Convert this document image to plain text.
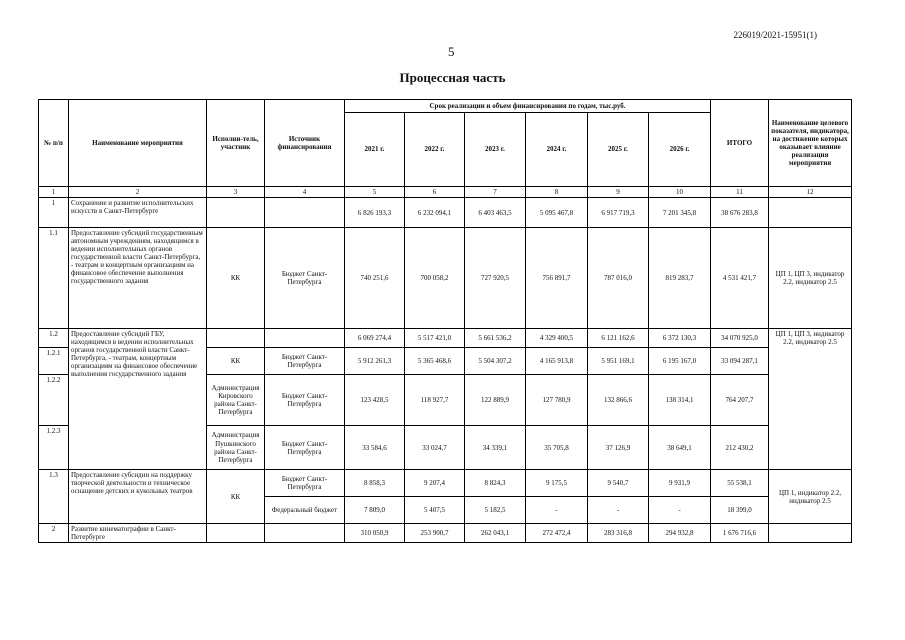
226019/2021-15951(1)
5
Процессная часть
№ п/п	Наименование мероприятия	Исполни-тель, участник	Источник финансирования	Срок реализации и объем финансирования по годам, тыс.руб.						ИТОГО	Наименование целевого показателя, индикатора, на достижение которых оказывает влияние реализация мероприятия
				2021 г.	2022 г.	2023 г.	2024 г.	2025 г.	2026 г.		
1	2	3	4	5	6	7	8	9	10	11	12
1	Сохранение и развитие исполнительских искусств в Санкт-Петербурге			6 826 193,3	6 232 094,1	6 403 463,5	5 095 467,8	6 917 719,3	7 201 345,8	38 676 283,8	
1.1	Предоставление субсидий государственным автономным учреждениям, находящимся в ведении исполнительных органов государственной власти Санкт-Петербурга, - театрам и концертным организациям на финансовое обеспечение выполнения государственного задания	КК	Бюджет Санкт-Петербурга	740 251,6	700 058,2	727 920,5	756 891,7	787 016,0	819 283,7	4 531 421,7	ЦП 1, ЦП 3, индикатор 2.2, индикатор 2.5
1.2	Предоставление субсидий ГБУ, находящимся в ведении исполнительных органов государственной власти Санкт-Петербурга, - театрам, концертным организациям на финансовое обеспечение выполнения государственного задания			6 069 274,4	5 517 421,0	5 661 536,2	4 329 400,5	6 121 162,6	6 372 130,3	34 070 925,0	ЦП 1, ЦП 3, индикатор 2.2, индикатор 2.5
1.2.1		КК	Бюджет Санкт-Петербурга	5 912 261,3	5 365 468,6	5 504 307,2	4 165 913,8	5 951 169,1	6 195 167,0	33 094 287,1	
1.2.2		Администрация Кировского района Санкт-Петербурга	Бюджет Санкт-Петербурга	123 428,5	118 927,7	122 889,9	127 780,9	132 866,6	138 314,1	764 207,7	
1.2.3		Администрация Пушкинского района Санкт-Петербурга	Бюджет Санкт-Петербурга	33 584,6	33 024,7	34 339,1	35 705,8	37 126,9	38 649,1	212 430,2	
1.3	Предоставление субсидии на поддержку творческой деятельности и техническое оснащение детских и кукольных театров	КК	Бюджет Санкт-Петербурга	8 858,3	9 207,4	8 824,3	9 175,5	9 540,7	9 931,9	55 538,1	ЦП 1, индикатор 2.2, индикатор 2.5
			Федеральный бюджет	7 809,0	5 407,5	5 182,5	-	-	-	18 399,0	
2	Развитие кинематографии в Санкт-Петербурге			310 050,9	253 900,7	262 043,1	272 472,4	283 316,8	294 932,8	1 676 716,6	
